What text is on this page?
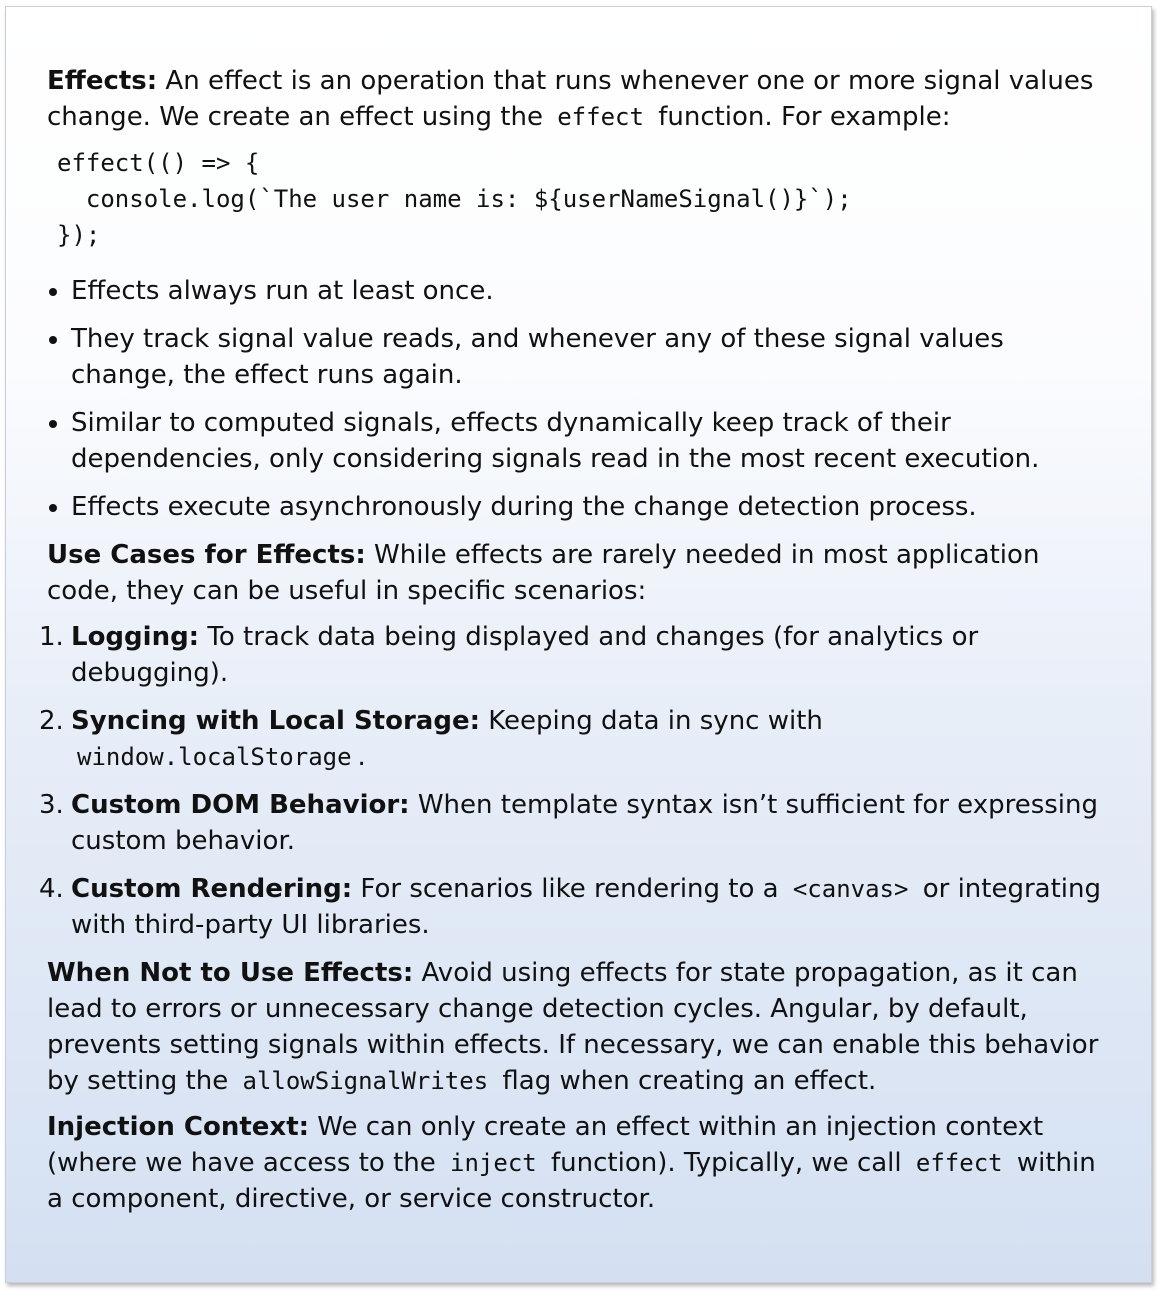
Effects: An effect is an operation that runs whenever one or more signal values change. We create an effect using the effect function. For example:

effect(() => {
console.log(`The user name is: ${userNameSignal()}`);
});
Effects always run at least once.
They track signal value reads, and whenever any of these signal values change, the effect runs again.
Similar to computed signals, effects dynamically keep track of their dependencies, only considering signals read in the most recent execution.
Effects execute asynchronously during the change detection process.

Use Cases for Effects: While effects are rarely needed in most application code, they can be useful in specific scenarios:

1. Logging: To track data being displayed and changes (for analytics or debugging).
2. Syncing with Local Storage: Keeping data in sync with window.localStorage .
3. Custom DOM Behavior: When template syntax isn’t sufficient for expressing custom behavior.
4. Custom Rendering: For scenarios like rendering to a <canvas> or integrating with third-party UI libraries.

When Not to Use Effects: Avoid using effects for state propagation, as it can lead to errors or unnecessary change detection cycles. Angular, by default, prevents setting signals within effects. If necessary, we can enable this behavior by setting the allowSignalWrites flag when creating an effect.

Injection Context: We can only create an effect within an injection context (where we have access to the inject function). Typically, we call effect within a component, directive, or service constructor.
